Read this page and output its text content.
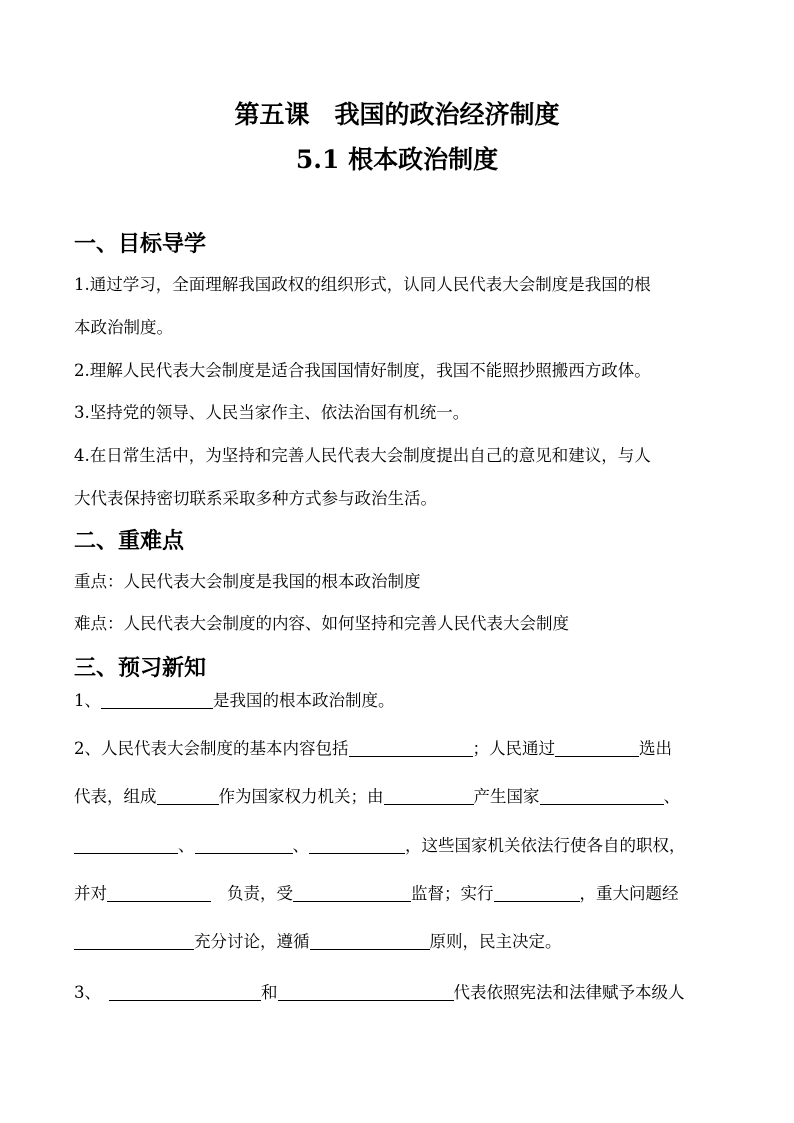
第五课　我国的政治经济制度
5.1 根本政治制度
一、目标导学
1.通过学习，全面理解我国政权的组织形式，认同人民代表大会制度是我国的根
本政治制度。
2.理解人民代表大会制度是适合我国国情好制度，我国不能照抄照搬西方政体。
3.坚持党的领导、人民当家作主、依法治国有机统一。
4.在日常生活中，为坚持和完善人民代表大会制度提出自己的意见和建议，与人
大代表保持密切联系采取多种方式参与政治生活。
二、重难点
重点：人民代表大会制度是我国的根本政治制度
难点：人民代表大会制度的内容、如何坚持和完善人民代表大会制度
三、预习新知
1、	是我国的根本政治制度。
2、人民代表大会制度的基本内容包括	；人民通过	选出
代表，组成	作为国家权力机关；由	产生国家	、
、	、	，这些国家机关依法行使各自的职权，
并对	负责，受	监督；实行	，重大问题经
充分讨论，遵循	原则，民主决定。
3、	和	代表依照宪法和法律赋予本级人
